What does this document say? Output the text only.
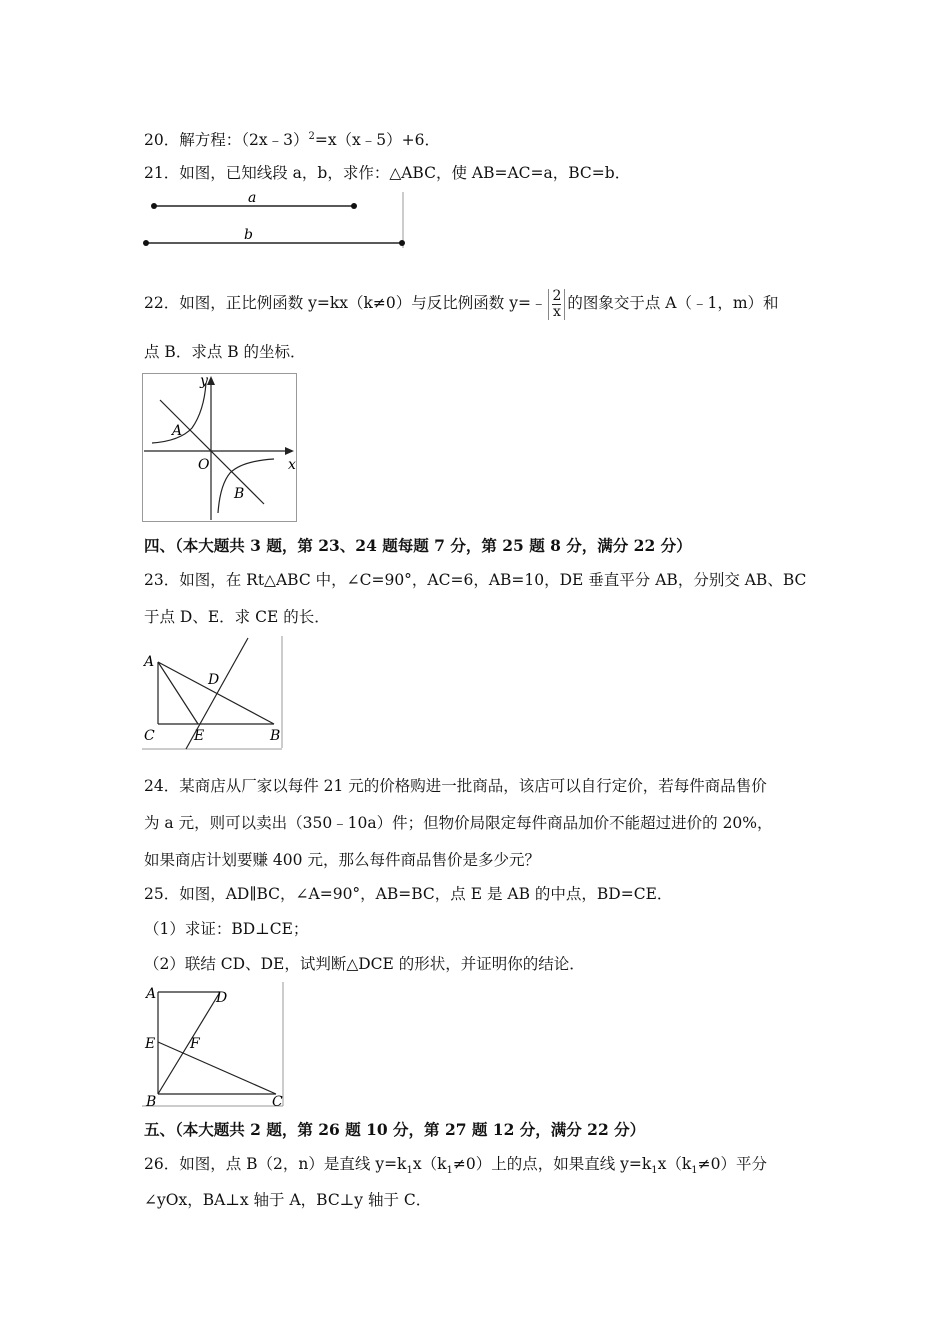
20．解方程：（2x﹣3）$^2$=x（x﹣5）+6．
21．如图，已知线段 a，b，求作：△ABC，使 AB=AC=a，BC=b．
a
b
22．如图，正比例函数 y=kx（k≠0）与反比例函数 y=﹣ $\frac{2}{x}$ 的图象交于点 A（﹣1，m）和
点 B．求点 B 的坐标．
y
x
O
A
B
四、（本大题共 3 题，第 23、24 题每题 7 分，第 25 题 8 分，满分 22 分）
23．如图，在 Rt△ABC 中，∠C=90°，AC=6，AB=10，DE 垂直平分 AB，分别交 AB、BC
于点 D、E．求 CE 的长．
A
D
C	E	B
24．某商店从厂家以每件 21 元的价格购进一批商品，该店可以自行定价，若每件商品售价
为 a 元，则可以卖出（350﹣10a）件；但物价局限定每件商品加价不能超过进价的 20%，
如果商店计划要赚 400 元，那么每件商品售价是多少元？
25．如图，AD∥BC，∠A=90°，AB=BC，点 E 是 AB 的中点，BD=CE．
（1）求证：BD⊥CE；
（2）联结 CD、DE，试判断△DCE 的形状，并证明你的结论．
A	D
E F
B	C
五、（本大题共 2 题，第 26 题 10 分，第 27 题 12 分，满分 22 分）
26．如图，点 B（2，n）是直线 $y=k_1x(k_1\ne 0)$上的点，如果直线 $y=k_1x(k_1\ne 0)$平分
∠yOx，BA⊥x 轴于 A，BC⊥y 轴于 C．
